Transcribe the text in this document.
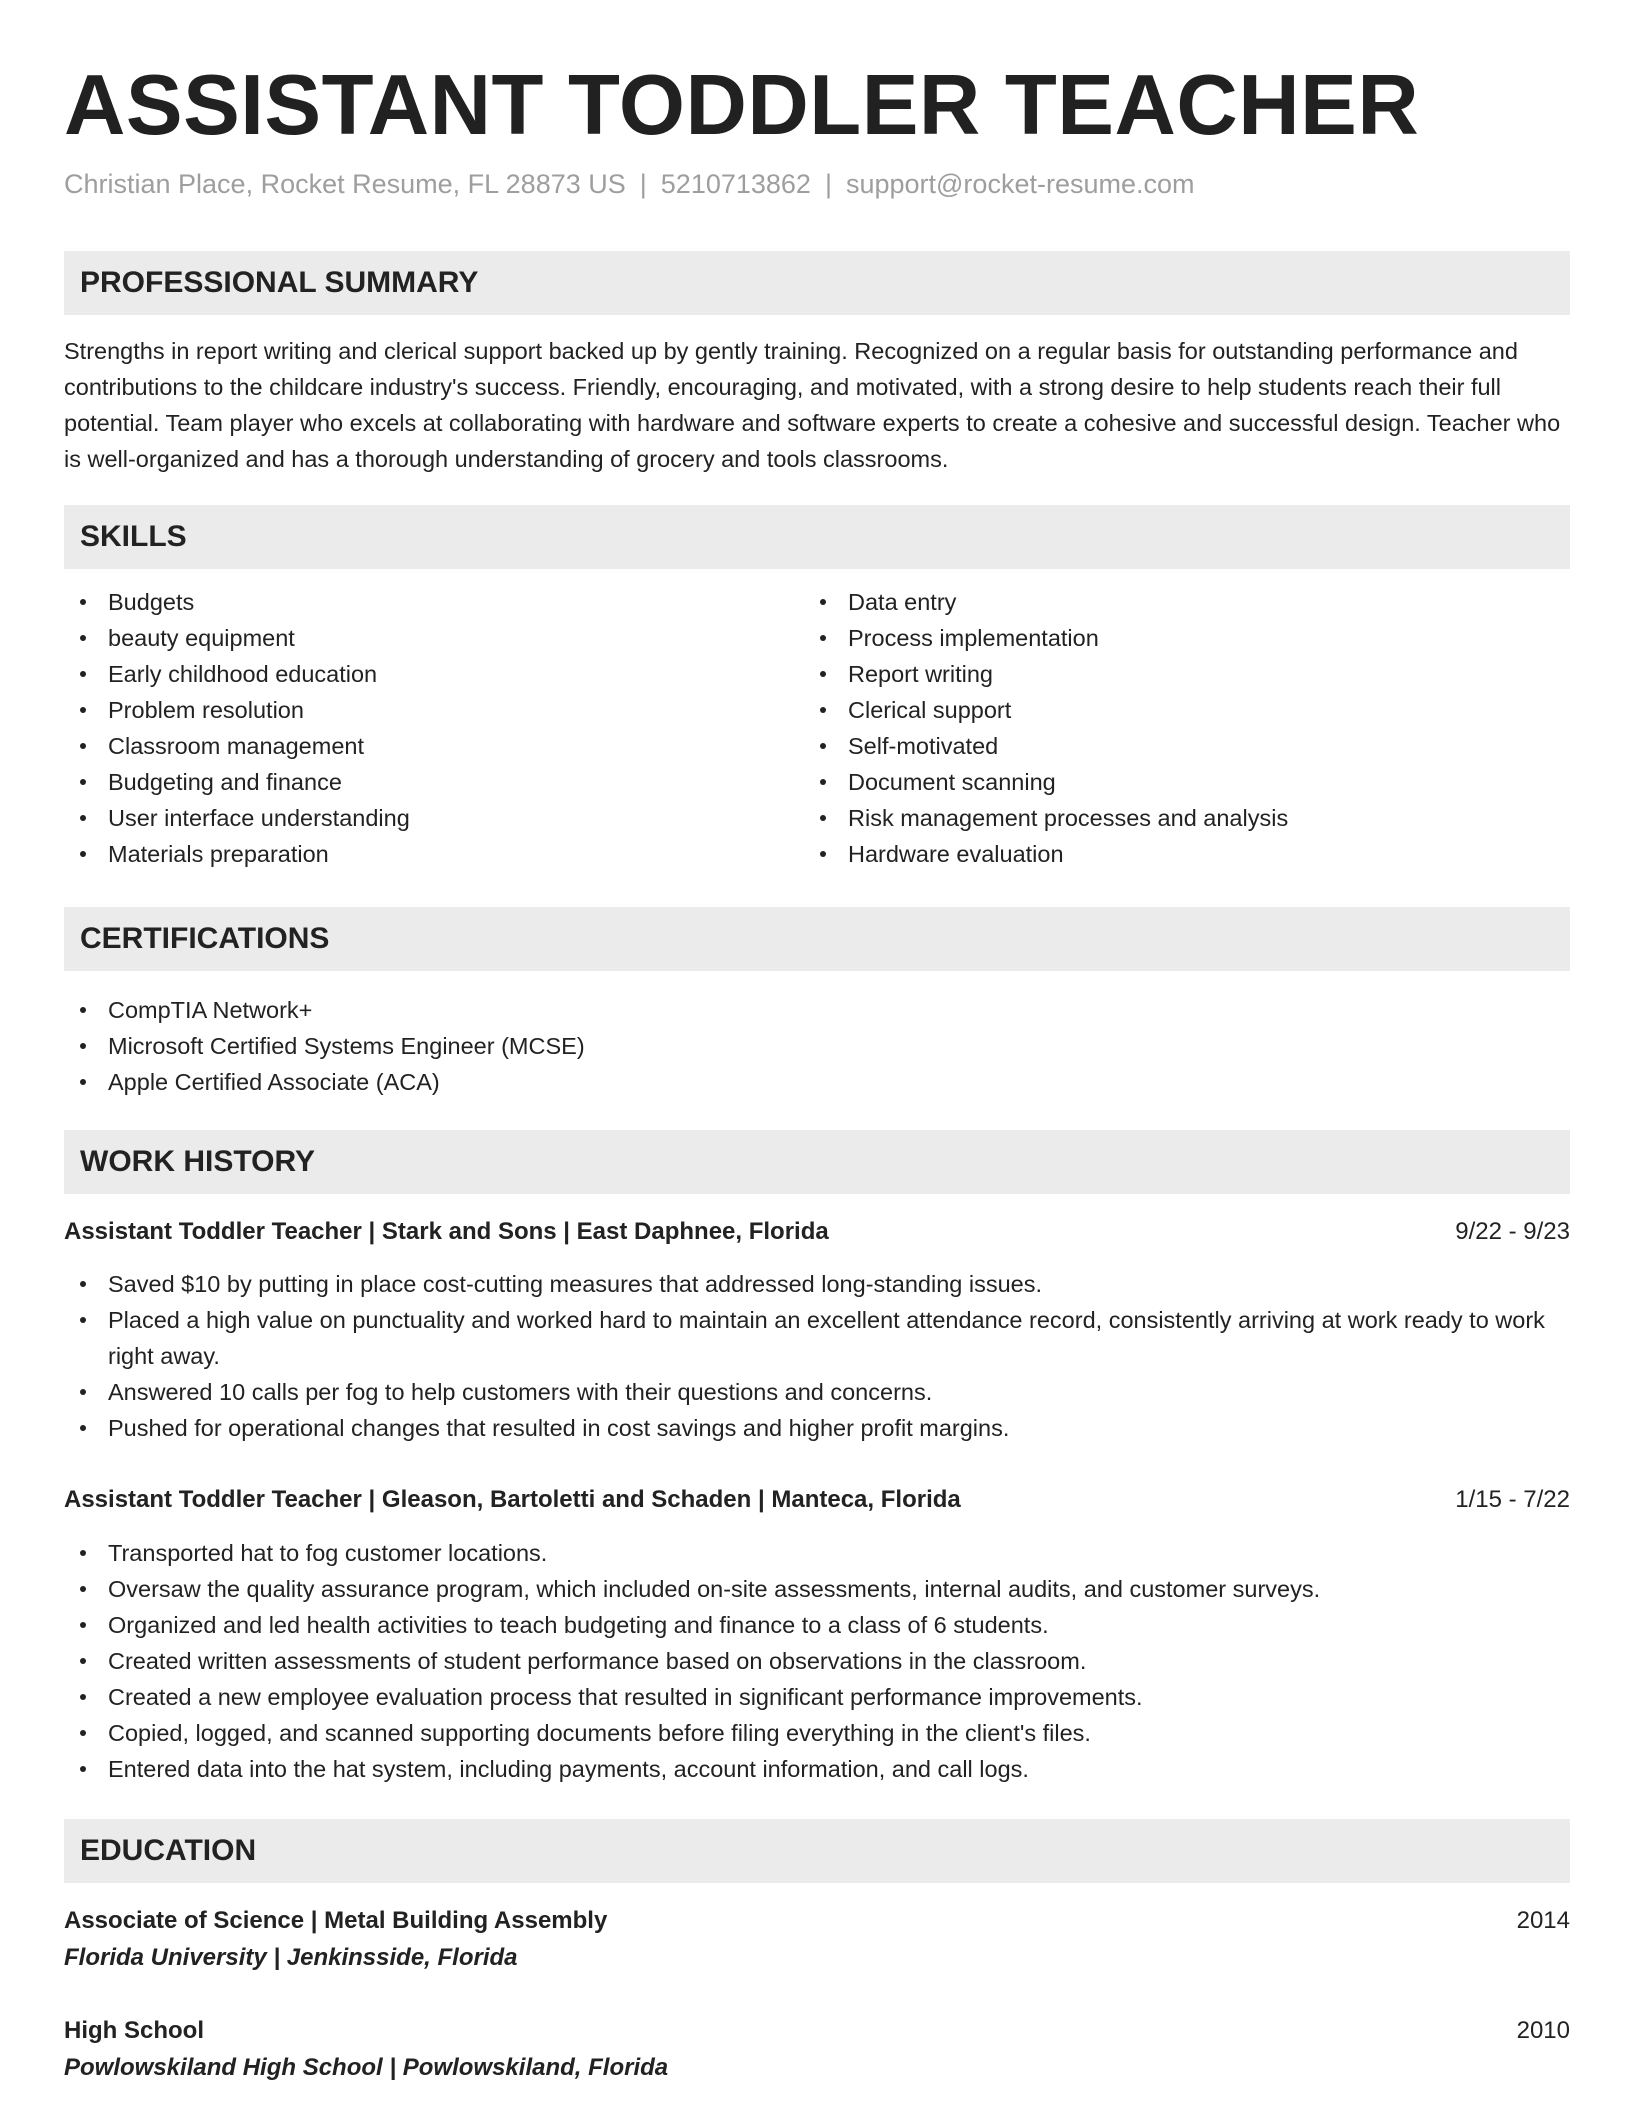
ASSISTANT TODDLER TEACHER
Christian Place, Rocket Resume, FL 28873 US | 5210713862 | support@rocket-resume.com
PROFESSIONAL SUMMARY

Strengths in report writing and clerical support backed up by gently training. Recognized on a regular basis for outstanding performance and contributions to the childcare industry's success. Friendly, encouraging, and motivated, with a strong desire to help students reach their full potential. Team player who excels at collaborating with hardware and software experts to create a cohesive and successful design. Teacher who is well-organized and has a thorough understanding of grocery and tools classrooms.

SKILLS
Budgets
beauty equipment
Early childhood education
Problem resolution
Classroom management
Budgeting and finance
User interface understanding
Materials preparation
Data entry
Process implementation
Report writing
Clerical support
Self-motivated
Document scanning
Risk management processes and analysis
Hardware evaluation
CERTIFICATIONS
CompTIA Network+
Microsoft Certified Systems Engineer (MCSE)
Apple Certified Associate (ACA)
WORK HISTORY
Assistant Toddler Teacher | Stark and Sons | East Daphnee, Florida	9/22 - 9/23
Saved $10 by putting in place cost-cutting measures that addressed long-standing issues.
Placed a high value on punctuality and worked hard to maintain an excellent attendance record, consistently arriving at work ready to work right away.
Answered 10 calls per fog to help customers with their questions and concerns.
Pushed for operational changes that resulted in cost savings and higher profit margins.
Assistant Toddler Teacher | Gleason, Bartoletti and Schaden | Manteca, Florida	1/15 - 7/22
Transported hat to fog customer locations.
Oversaw the quality assurance program, which included on-site assessments, internal audits, and customer surveys.
Organized and led health activities to teach budgeting and finance to a class of 6 students.
Created written assessments of student performance based on observations in the classroom.
Created a new employee evaluation process that resulted in significant performance improvements.
Copied, logged, and scanned supporting documents before filing everything in the client's files.
Entered data into the hat system, including payments, account information, and call logs.
EDUCATION
Associate of Science | Metal Building Assembly	2014
Florida University | Jenkinsside, Florida
High School	2010
Powlowskiland High School | Powlowskiland, Florida
